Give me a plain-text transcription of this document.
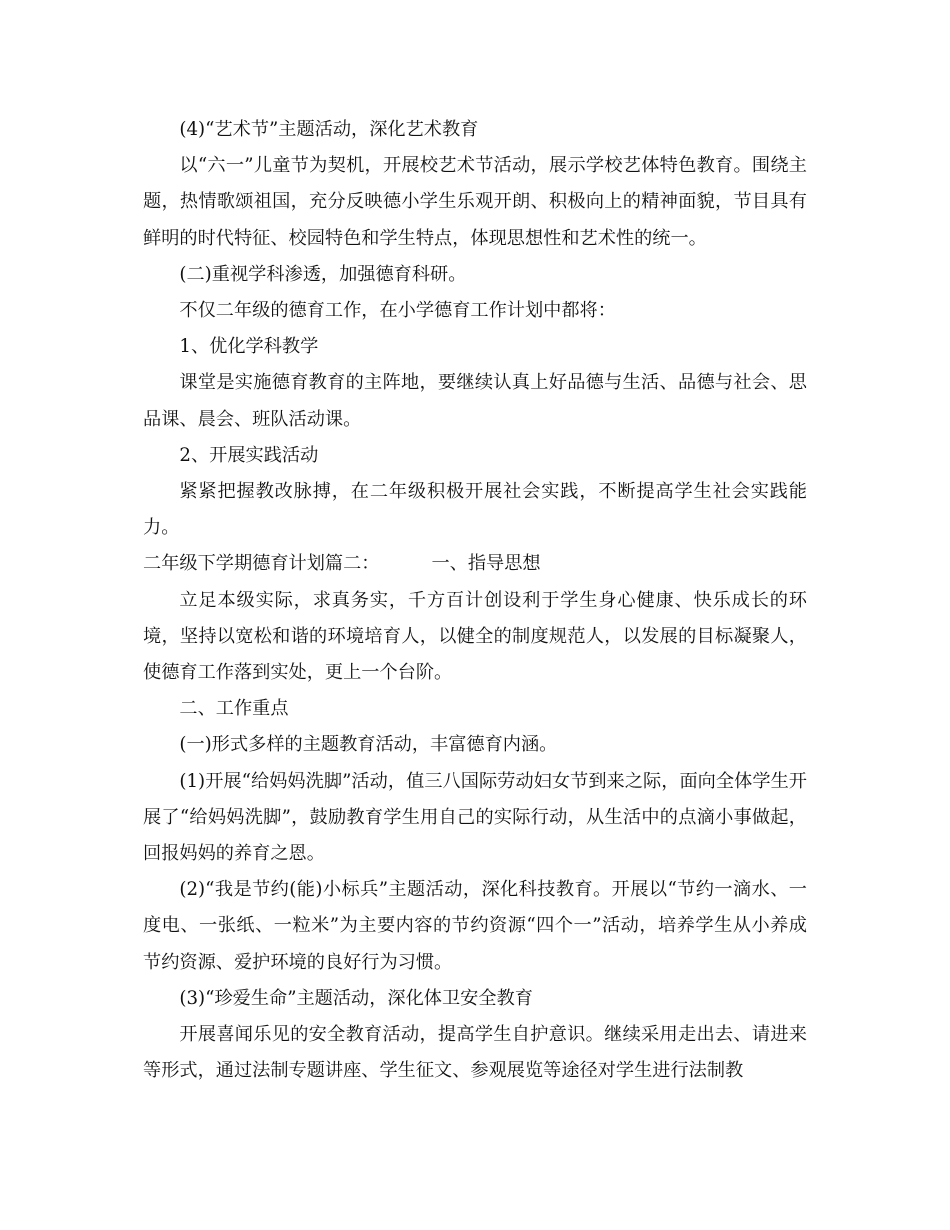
(4)“艺术节”主题活动，深化艺术教育

以“六一”儿童节为契机，开展校艺术节活动，展示学校艺体特色教育。围绕主题，热情歌颂祖国，充分反映德小学生乐观开朗、积极向上的精神面貌，节目具有鲜明的时代特征、校园特色和学生特点，体现思想性和艺术性的统一。

(二)重视学科渗透，加强德育科研。

不仅二年级的德育工作，在小学德育工作计划中都将：

1、优化学科教学

课堂是实施德育教育的主阵地，要继续认真上好品德与生活、品德与社会、思品课、晨会、班队活动课。

2、开展实践活动

紧紧把握教改脉搏，在二年级积极开展社会实践，不断提高学生社会实践能力。

二年级下学期德育计划篇二：	一、指导思想

立足本级实际，求真务实，千方百计创设利于学生身心健康、快乐成长的环境，坚持以宽松和谐的环境培育人，以健全的制度规范人，以发展的目标凝聚人，使德育工作落到实处，更上一个台阶。

二、工作重点

(一)形式多样的主题教育活动，丰富德育内涵。

(1)开展“给妈妈洗脚”活动，值三八国际劳动妇女节到来之际，面向全体学生开展了“给妈妈洗脚”，鼓励教育学生用自己的实际行动，从生活中的点滴小事做起，回报妈妈的养育之恩。

(2)“我是节约(能)小标兵”主题活动，深化科技教育。开展以“节约一滴水、一度电、一张纸、一粒米”为主要内容的节约资源“四个一”活动，培养学生从小养成节约资源、爱护环境的良好行为习惯。

(3)“珍爱生命”主题活动，深化体卫安全教育

开展喜闻乐见的安全教育活动，提高学生自护意识。继续采用走出去、请进来等形式，通过法制专题讲座、学生征文、参观展览等途径对学生进行法制教
